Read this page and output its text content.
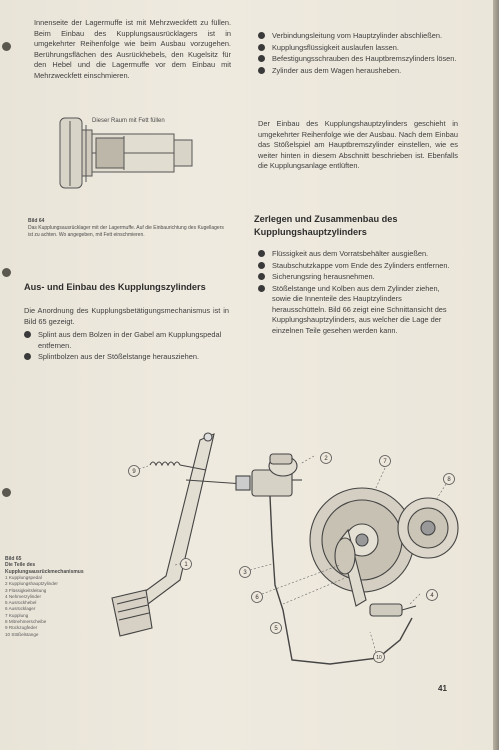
Innenseite der Lagermuffe ist mit Mehrzweckfett zu füllen. Beim Einbau des Kupplungsausrücklagers ist in umgekehrter Reihenfolge wie beim Ausbau vorzugehen. Berührungsflächen des Ausrückhebels, den Kugelsitz für den Hebel und die Lagermuffe vor dem Einbau mit Mehrzweckfett einschmieren.

Dieser Raum mit Fett füllen
Bild 64

Das Kupplungsausrücklager mit der Lagermuffe. Auf die Einbaurichtung des Kugellagers ist zu achten. Wo angegeben, mit Fett einschmieren.

Aus- und Einbau des Kupplungszylinders

Die Anordnung des Kupplungsbetätigungsmechanismus ist in Bild 65 gezeigt.

Splint aus dem Bolzen in der Gabel am Kupplungspedal entfernen.
Splintbolzen aus der Stößelstange herausziehen.
Verbindungsleitung vom Hauptzylinder abschließen.
Kupplungsflüssigkeit auslaufen lassen.
Befestigungsschrauben des Hauptbremszylinders lösen.
Zylinder aus dem Wagen herausheben.

Der Einbau des Kupplungshauptzylinders geschieht in umgekehrter Reihenfolge wie der Ausbau. Nach dem Einbau das Stößelspiel am Hauptbremszylinder einstellen, wie es weiter hinten in diesem Abschnitt beschrieben ist. Ebenfalls die Kupplungsanlage entlüften.

Zerlegen und Zusammenbau des Kupplungshauptzylinders
Flüssigkeit aus dem Vorratsbehälter ausgießen.
Staubschutzkappe vom Ende des Zylinders entfernen.
Sicherungsring herausnehmen.
Stößelstange und Kolben aus dem Zylinder ziehen, sowie die Innenteile des Hauptzylinders herausschütteln. Bild 66 zeigt eine Schnittansicht des Kupplungshauptzylinders, aus welcher die Lage der einzelnen Teile gesehen werden kann.
1
2
3
4
5
6
7
8
9
10
Bild 65
Die Teile des Kupplungsausrückmechanismus
1 Kupplungspedal
2 Kupplungshauptzylinder
3 Flüssigkeitsleitung
4 Nehmerzylinder
5 Ausrückhebel
6 Ausrücklager
7 Kupplung
8 Mitnehmerscheibe
9 Rückzugfeder
10 Stößelstange
41
